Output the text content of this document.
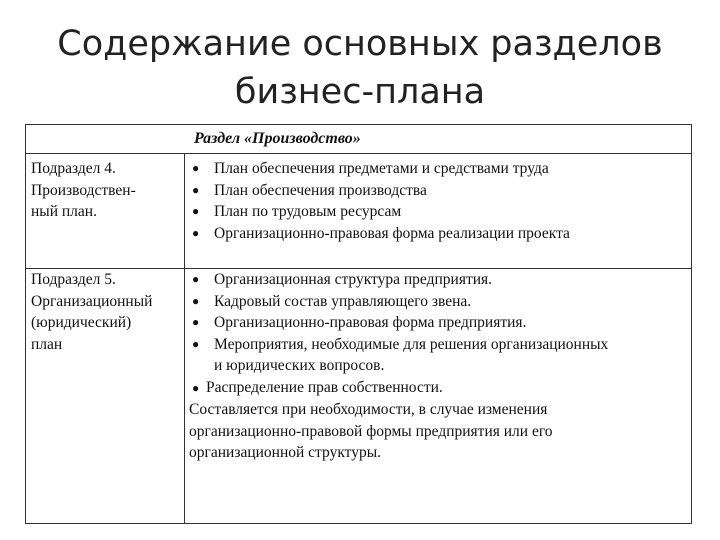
Содержание основных разделов
бизнес-плана
Раздел «Производство»
Подраздел 4.
Производствен-
ный план.
● План обеспечения предметами и средствами труда
● План обеспечения производства
● План по трудовым ресурсам
● Организационно-правовая форма реализации проекта
Подраздел 5.
Организационный
(юридический)
план
● Организационная структура предприятия.
● Кадровый состав управляющего звена.
● Организационно-правовая форма предприятия.
● Мероприятия, необходимые для решения организационных
и юридических вопросов.
● Распределение прав собственности.
Составляется при необходимости, в случае изменения
организационно-правовой формы предприятия или его
организационной структуры.
